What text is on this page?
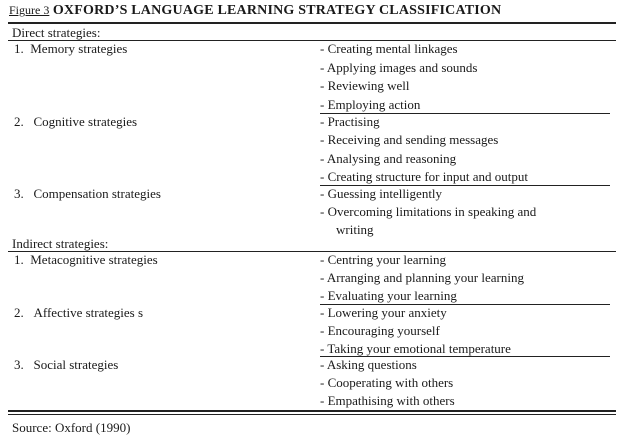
Figure 3 OXFORD’S LANGUAGE LEARNING STRATEGY CLASSIFICATION
Direct strategies:
1. Memory strategies	- Creating mental linkages
- Applying images and sounds
- Reviewing well
- Employing action
2. Cognitive strategies	- Practising
- Receiving and sending messages
- Analysing and reasoning
- Creating structure for input and output
3. Compensation strategies	- Guessing intelligently
- Overcoming limitations in speaking and
writing
Indirect strategies:
1. Metacognitive strategies	- Centring your learning
- Arranging and planning your learning
- Evaluating your learning
2. Affective strategies s	- Lowering your anxiety
- Encouraging yourself
- Taking your emotional temperature
3. Social strategies	- Asking questions
- Cooperating with others
- Empathising with others
Source: Oxford (1990)
